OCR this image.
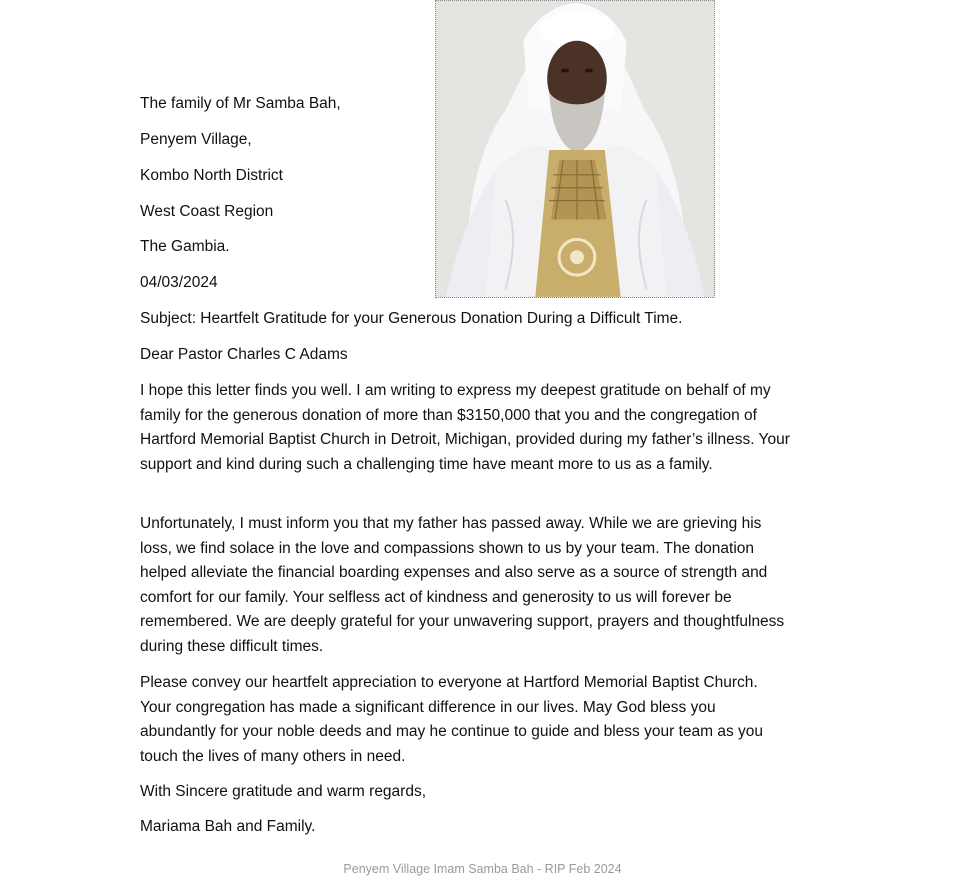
The family of Mr Samba Bah,
Penyem Village,
Kombo North District
West Coast Region
The Gambia.
04/03/2024
Subject: Heartfelt Gratitude for your Generous Donation During a Difficult Time.
Dear Pastor Charles C Adams
I hope this letter finds you well. I am writing to express my deepest gratitude on behalf of my family for the generous donation of more than $3150,000 that you and the congregation of Hartford Memorial Baptist Church in Detroit, Michigan, provided during my father’s illness. Your support and kind during such a challenging time have meant more to us as a family.
Unfortunately, I must inform you that my father has passed away. While we are grieving his loss, we find solace in the love and compassions shown to us by your team. The donation helped alleviate the financial boarding expenses and also serve as a source of strength and comfort for our family. Your selfless act of kindness and generosity to us will forever be remembered. We are deeply grateful for your unwavering support, prayers and thoughtfulness during these difficult times.
Please convey our heartfelt appreciation to everyone at Hartford Memorial Baptist Church. Your congregation has made a significant difference in our lives. May God bless you abundantly for your noble deeds and may he continue to guide and bless your team as you touch the lives of many others in need.
With Sincere gratitude and warm regards,
Mariama Bah and Family.
Penyem Village Imam Samba Bah - RIP Feb 2024
